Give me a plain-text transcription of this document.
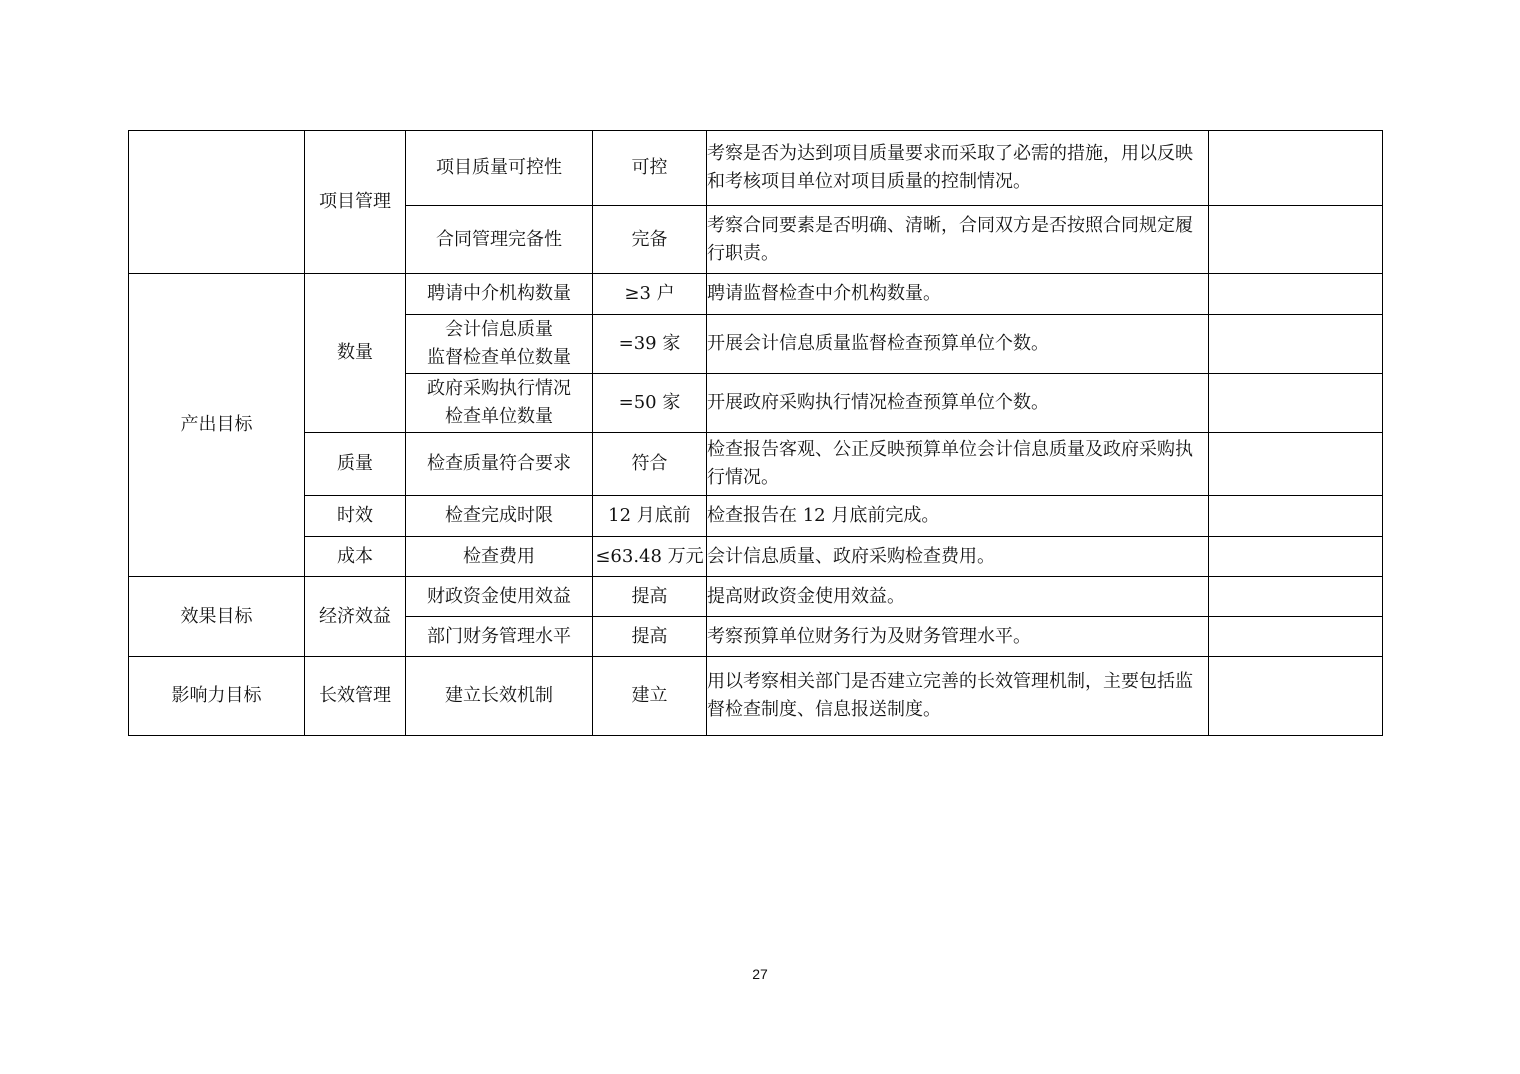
	项目管理	项目质量可控性	可控	考察是否为达到项目质量要求而采取了必需的措施，用以反映和考核项目单位对项目质量的控制情况。	
		合同管理完备性	完备	考察合同要素是否明确、清晰，合同双方是否按照合同规定履行职责。	
产出目标	数量	聘请中介机构数量	≥3 户	聘请监督检查中介机构数量。	

		会计信息质量
监督检查单位数量	=39 家	开展会计信息质量监督检查预算单位个数。	

		政府采购执行情况
检查单位数量	=50 家	开展政府采购执行情况检查预算单位个数。	
	质量	检查质量符合要求	符合	检查报告客观、公正反映预算单位会计信息质量及政府采购执行情况。	
	时效	检查完成时限	12 月底前	检查报告在 12 月底前完成。	
	成本	检查费用	≤63.48 万元	会计信息质量、政府采购检查费用。	
效果目标	经济效益	财政资金使用效益	提高	提高财政资金使用效益。	
		部门财务管理水平	提高	考察预算单位财务行为及财务管理水平。	
影响力目标	长效管理	建立长效机制	建立	用以考察相关部门是否建立完善的长效管理机制，主要包括监督检查制度、信息报送制度。	
27
